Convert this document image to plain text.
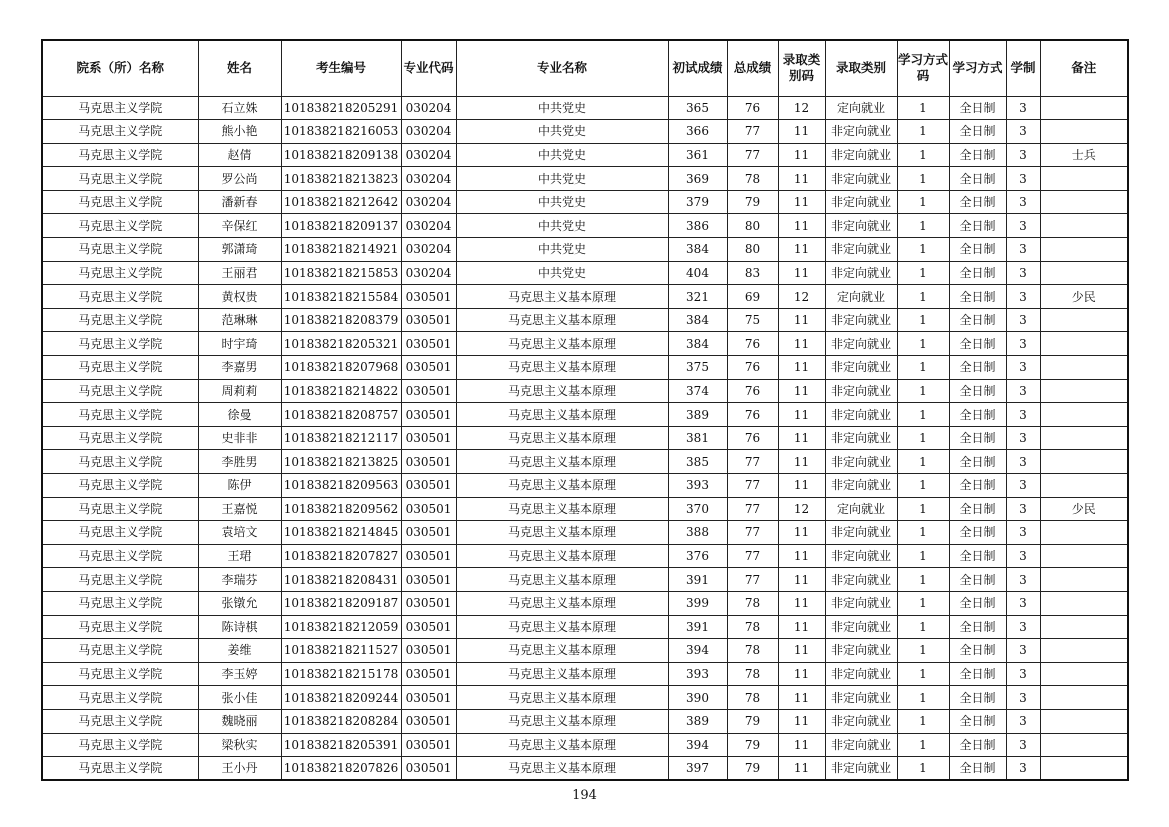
院系（所）名称	姓名	考生编号	专业代码	专业名称	初试成绩	总成绩	录取类别码	录取类别	学习方式码	学习方式	学制	备注
马克思主义学院	石立姝	101838218205291	030204	中共党史	365	76	12	定向就业	1	全日制	3	
马克思主义学院	熊小艳	101838218216053	030204	中共党史	366	77	11	非定向就业	1	全日制	3	
马克思主义学院	赵倩	101838218209138	030204	中共党史	361	77	11	非定向就业	1	全日制	3	士兵
马克思主义学院	罗公尚	101838218213823	030204	中共党史	369	78	11	非定向就业	1	全日制	3	
马克思主义学院	潘新春	101838218212642	030204	中共党史	379	79	11	非定向就业	1	全日制	3	
马克思主义学院	辛保红	101838218209137	030204	中共党史	386	80	11	非定向就业	1	全日制	3	
马克思主义学院	郭潇琦	101838218214921	030204	中共党史	384	80	11	非定向就业	1	全日制	3	
马克思主义学院	王丽君	101838218215853	030204	中共党史	404	83	11	非定向就业	1	全日制	3	
马克思主义学院	黄权贵	101838218215584	030501	马克思主义基本原理	321	69	12	定向就业	1	全日制	3	少民
马克思主义学院	范琳琳	101838218208379	030501	马克思主义基本原理	384	75	11	非定向就业	1	全日制	3	
马克思主义学院	时宇琦	101838218205321	030501	马克思主义基本原理	384	76	11	非定向就业	1	全日制	3	
马克思主义学院	李嘉男	101838218207968	030501	马克思主义基本原理	375	76	11	非定向就业	1	全日制	3	
马克思主义学院	周莉莉	101838218214822	030501	马克思主义基本原理	374	76	11	非定向就业	1	全日制	3	
马克思主义学院	徐曼	101838218208757	030501	马克思主义基本原理	389	76	11	非定向就业	1	全日制	3	
马克思主义学院	史非非	101838218212117	030501	马克思主义基本原理	381	76	11	非定向就业	1	全日制	3	
马克思主义学院	李胜男	101838218213825	030501	马克思主义基本原理	385	77	11	非定向就业	1	全日制	3	
马克思主义学院	陈伊	101838218209563	030501	马克思主义基本原理	393	77	11	非定向就业	1	全日制	3	
马克思主义学院	王嘉悦	101838218209562	030501	马克思主义基本原理	370	77	12	定向就业	1	全日制	3	少民
马克思主义学院	袁培文	101838218214845	030501	马克思主义基本原理	388	77	11	非定向就业	1	全日制	3	
马克思主义学院	王珺	101838218207827	030501	马克思主义基本原理	376	77	11	非定向就业	1	全日制	3	
马克思主义学院	李瑞芬	101838218208431	030501	马克思主义基本原理	391	77	11	非定向就业	1	全日制	3	
马克思主义学院	张镦允	101838218209187	030501	马克思主义基本原理	399	78	11	非定向就业	1	全日制	3	
马克思主义学院	陈诗棋	101838218212059	030501	马克思主义基本原理	391	78	11	非定向就业	1	全日制	3	
马克思主义学院	姜维	101838218211527	030501	马克思主义基本原理	394	78	11	非定向就业	1	全日制	3	
马克思主义学院	李玉婷	101838218215178	030501	马克思主义基本原理	393	78	11	非定向就业	1	全日制	3	
马克思主义学院	张小佳	101838218209244	030501	马克思主义基本原理	390	78	11	非定向就业	1	全日制	3	
马克思主义学院	魏晓丽	101838218208284	030501	马克思主义基本原理	389	79	11	非定向就业	1	全日制	3	
马克思主义学院	梁秋实	101838218205391	030501	马克思主义基本原理	394	79	11	非定向就业	1	全日制	3	
马克思主义学院	王小丹	101838218207826	030501	马克思主义基本原理	397	79	11	非定向就业	1	全日制	3	
194
